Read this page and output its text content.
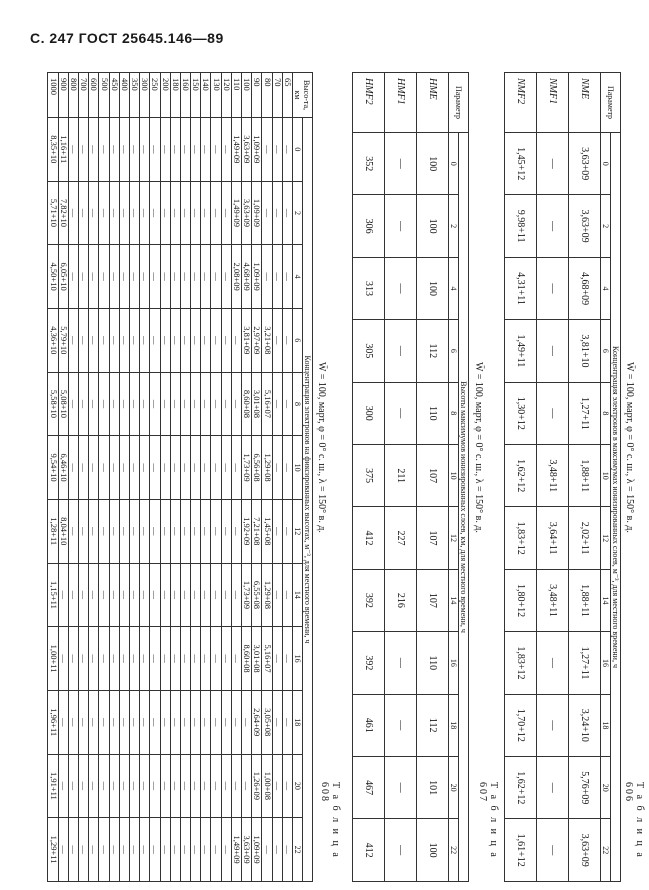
С. 247 ГОСТ 25645.146—89
Т а б л и ц а 606
W̄ = 100, март, φ = 0° с. ш., λ = 150° в. д.
Параметр	Концентрация электронов в максимумах ионизированных слоев, м⁻³, для местного времени, ч											
	0	2	4	6	8	10	12	14	16	18	20	22
NME	3,63+09	3,63+09	4,68+09	3,81+10	1,27+11	1,88+11	2,02+11	1,88+11	1,27+11	3,24+10	5,76+09	3,63+09
NMF1	—	—	—	—	—	3,48+11	3,64+11	3,48+11	—	—	—	—
NMF2	1,45+12	9,98+11	4,31+11	1,49+11	1,30+12	1,62+12	1,83+12	1,80+12	1,83+12	1,70+12	1,62+12	1,61+12
Т а б л и ц а 607
W̄ = 100, март, φ = 0° с. ш., λ = 150° в. д.
Параметр	Высоты максимумов ионизированных слоев, км, для местного времени, ч											
	0	2	4	6	8	10	12	14	16	18	20	22
HME	100	100	100	112	110	107	107	107	110	112	101	100
HMF1	—	—	—	—	—	211	227	216	—	—	—	—
HMF2	352	306	313	305	300	375	412	392	392	461	467	412
Т а б л и ц а 608
W̄ = 100, март, φ = 0° с. ш., λ = 150° в. д.
Высо-та, км	Концентрация электронов на фиксированных высотах, м⁻³, для местного времени, ч											
	0	2	4	6	8	10	12	14	16	18	20	22
65	—	—	—	—	—	—	—	—	—	—	—	—
70	—	—	—	—	—	—	—	—	—	—	—	—
80	—	—	—	3,21+08	5,16+07	1,29+08	1,45+08	1,29+08	5,16+07	3,05+08	1,00+08	—
90	1,09+09	1,09+09	1,09+09	2,97+09	3,01+08	6,56+08	7,21+08	6,55+08	3,01+08	2,64+09	1,26+09	1,09+09
100	3,63+09	3,63+09	4,68+09	3,81+09	8,60+08	1,73+09	1,92+09	1,73+09	8,60+08	—	—	3,63+09
110	1,49+09	1,49+09	2,08+09	—	—	—	—	—	—	—	—	1,49+09
120	—	—	—	—	—	—	—	—	—	—	—	—
130	—	—	—	—	—	—	—	—	—	—	—	—
140	—	—	—	—	—	—	—	—	—	—	—	—
150	—	—	—	—	—	—	—	—	—	—	—	—
160	—	—	—	—	—	—	—	—	—	—	—	—
180	—	—	—	—	—	—	—	—	—	—	—	—
200	—	—	—	—	—	—	—	—	—	—	—	—
250	—	—	—	—	—	—	—	—	—	—	—	—
300	—	—	—	—	—	—	—	—	—	—	—	—
350	—	—	—	—	—	—	—	—	—	—	—	—
400	—	—	—	—	—	—	—	—	—	—	—	—
450	—	—	—	—	—	—	—	—	—	—	—	—
500	—	—	—	—	—	—	—	—	—	—	—	—
600	—	—	—	—	—	—	—	—	—	—	—	—
700	—	—	—	—	—	—	—	—	—	—	—	—
800	—	—	—	—	—	—	—	—	—	—	—	—
900	1,16+11	7,82+10	6,05+10	5,79+10	5,08+10	6,46+10	8,04+10	—	—	—	—	—
1000	8,35+10	5,71+10	4,50+10	4,36+10	5,58+10	9,54+10	1,28+11	1,15+11	1,00+11	1,96+11	1,91+11	1,29+11
